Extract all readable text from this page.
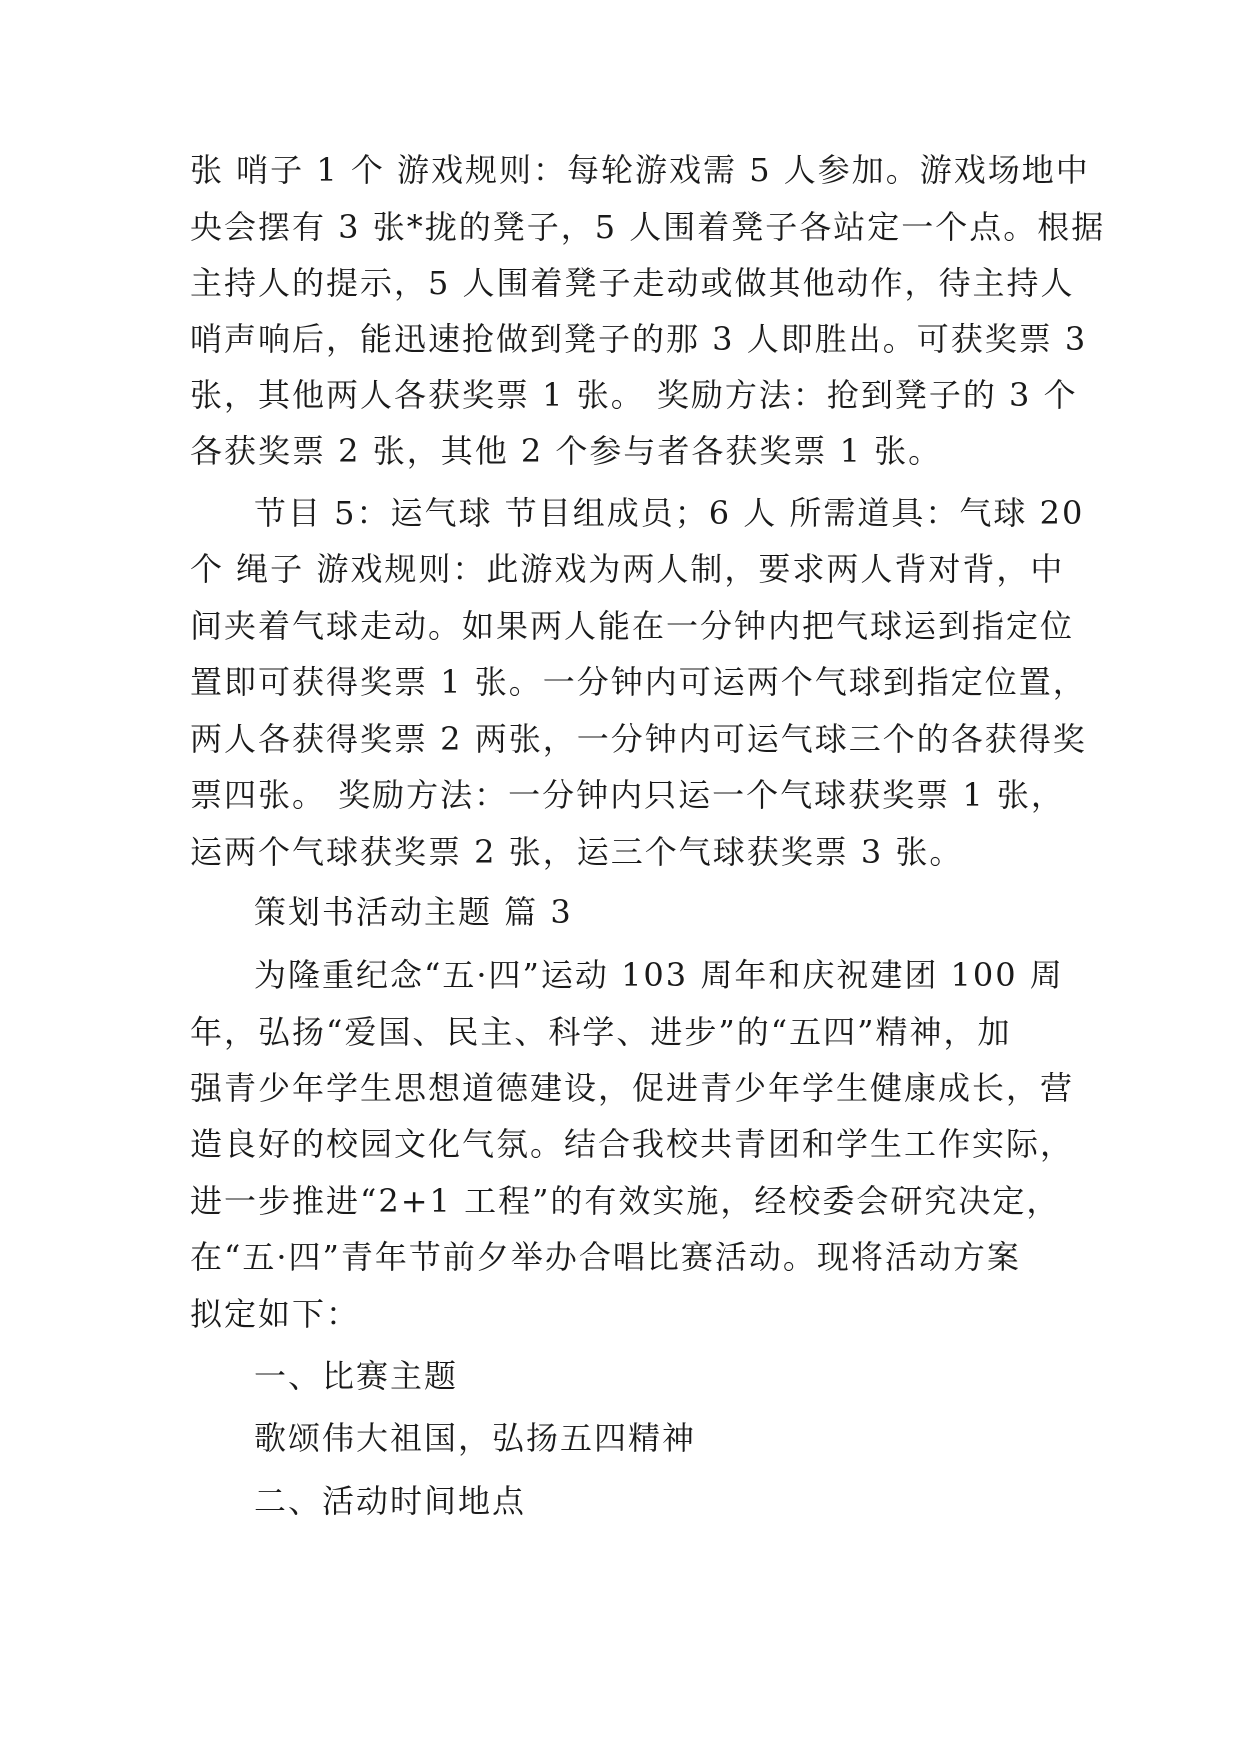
张 哨子 1 个 游戏规则：每轮游戏需 5 人参加。游戏场地中
央会摆有 3 张*拢的凳子，5 人围着凳子各站定一个点。根据
主持人的提示，5 人围着凳子走动或做其他动作，待主持人
哨声响后，能迅速抢做到凳子的那 3 人即胜出。可获奖票 3
张，其他两人各获奖票 1 张。 奖励方法：抢到凳子的 3 个
各获奖票 2 张，其他 2 个参与者各获奖票 1 张。
节目 5：运气球 节目组成员；6 人 所需道具：气球 20
个 绳子 游戏规则：此游戏为两人制，要求两人背对背，中
间夹着气球走动。如果两人能在一分钟内把气球运到指定位
置即可获得奖票 1 张。一分钟内可运两个气球到指定位置，
两人各获得奖票 2 两张，一分钟内可运气球三个的各获得奖
票四张。 奖励方法：一分钟内只运一个气球获奖票 1 张，
运两个气球获奖票 2 张，运三个气球获奖票 3 张。
策划书活动主题 篇 3
为隆重纪念“五·四”运动 103 周年和庆祝建团 100 周
年，弘扬“爱国、民主、科学、进步”的“五四”精神，加
强青少年学生思想道德建设，促进青少年学生健康成长，营
造良好的校园文化气氛。结合我校共青团和学生工作实际，
进一步推进“2+1 工程”的有效实施，经校委会研究决定，
在“五·四”青年节前夕举办合唱比赛活动。现将活动方案
拟定如下：
一、比赛主题
歌颂伟大祖国，弘扬五四精神
二、活动时间地点
